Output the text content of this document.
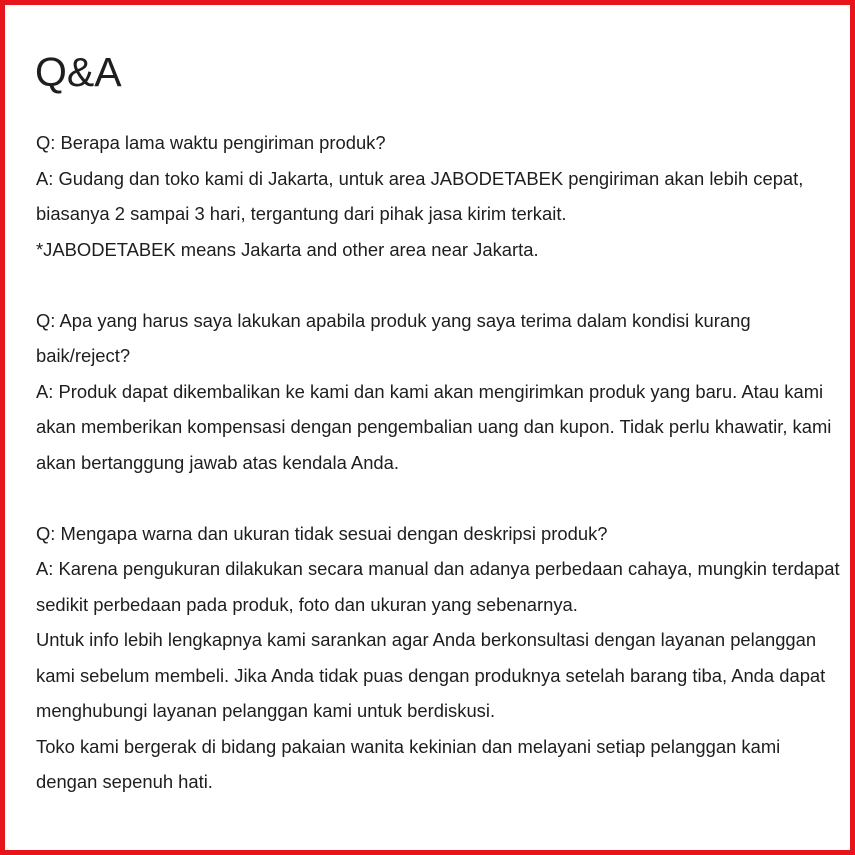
Q&A

Q: Berapa lama waktu pengiriman produk?

A: Gudang dan toko kami di Jakarta, untuk area JABODETABEK pengiriman akan lebih cepat, biasanya 2 sampai 3 hari, tergantung dari pihak jasa kirim terkait.

*JABODETABEK means Jakarta and other area near Jakarta.

Q: Apa yang harus saya lakukan apabila produk yang saya terima dalam kondisi kurang baik/reject?

A: Produk dapat dikembalikan ke kami dan kami akan mengirimkan produk yang baru. Atau kami akan memberikan kompensasi dengan pengembalian uang dan kupon. Tidak perlu khawatir, kami akan bertanggung jawab atas kendala Anda.

Q: Mengapa warna dan ukuran tidak sesuai dengan deskripsi produk?

A: Karena pengukuran dilakukan secara manual dan adanya perbedaan cahaya, mungkin terdapat sedikit perbedaan pada produk, foto dan ukuran yang sebenarnya.

Untuk info lebih lengkapnya kami sarankan agar Anda berkonsultasi dengan layanan pelanggan kami sebelum membeli. Jika Anda tidak puas dengan produknya setelah barang tiba, Anda dapat menghubungi layanan pelanggan kami untuk berdiskusi.

Toko kami bergerak di bidang pakaian wanita kekinian dan melayani setiap pelanggan kami dengan sepenuh hati.
